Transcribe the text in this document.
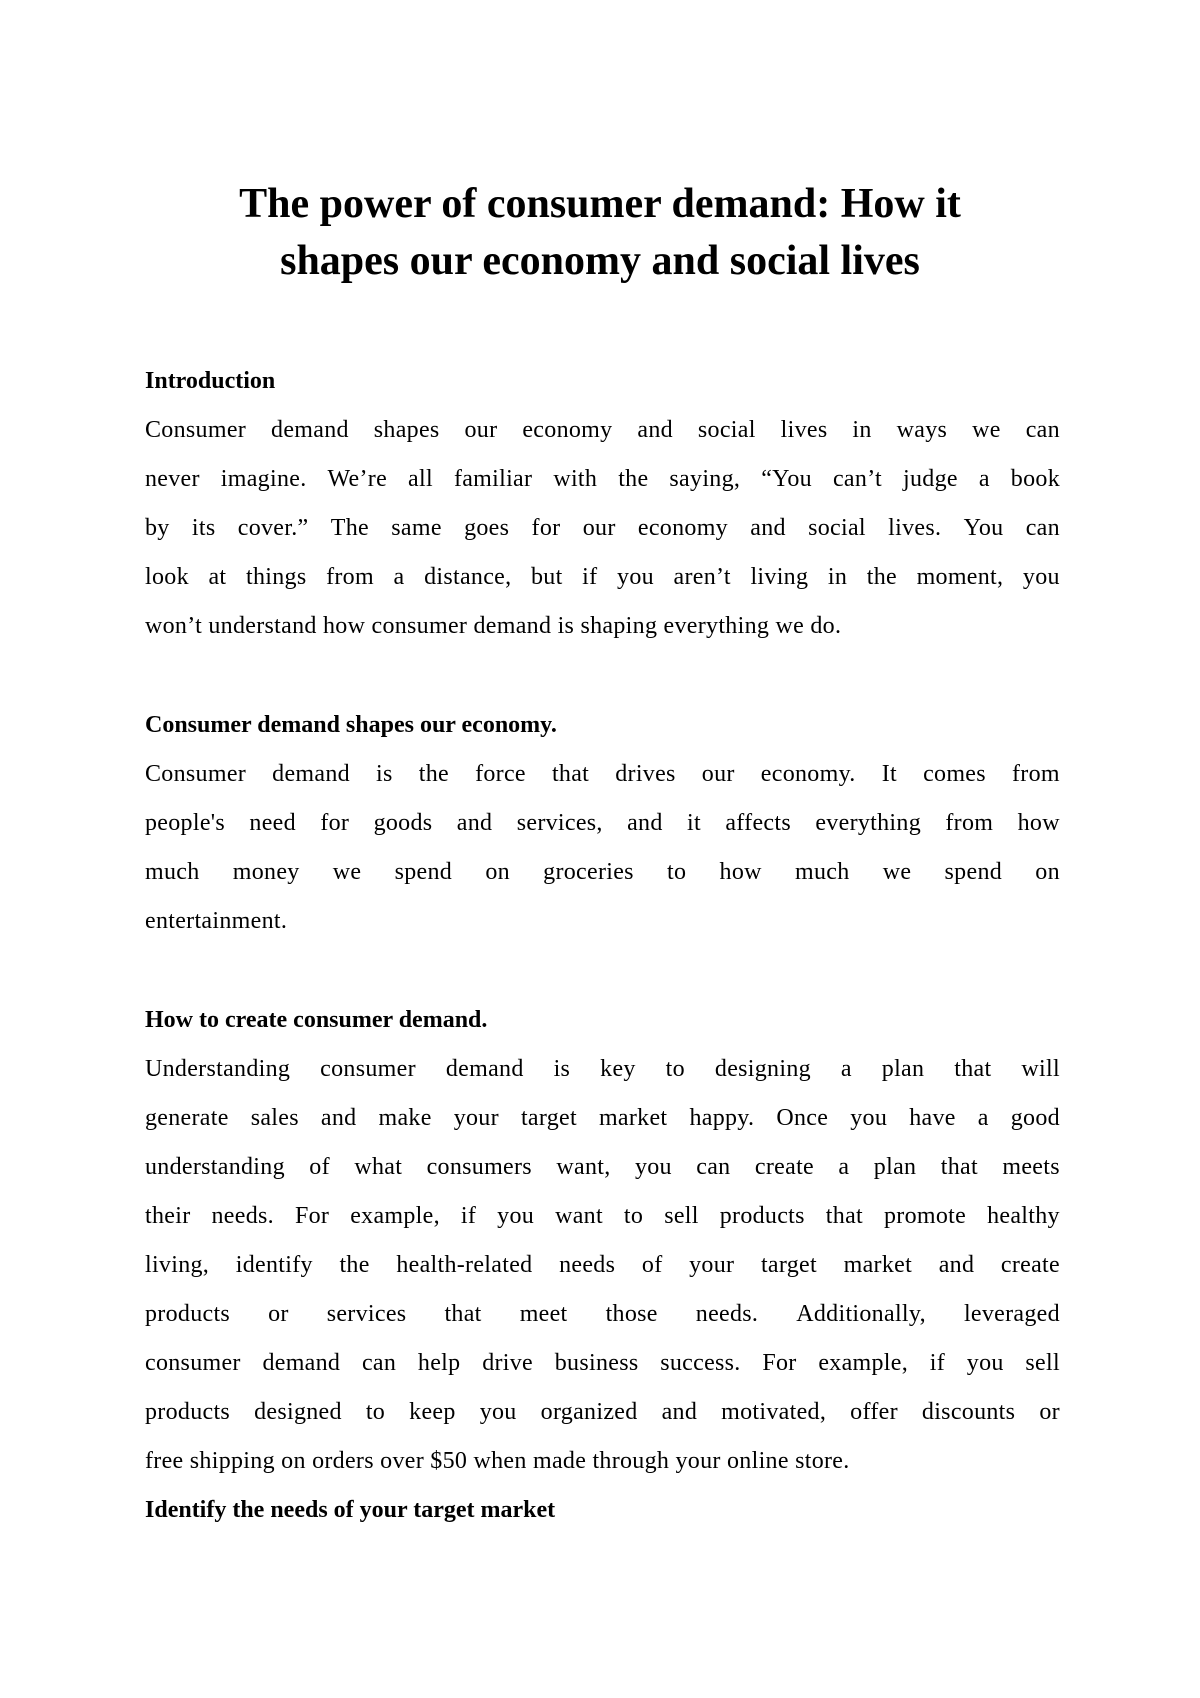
The power of consumer demand: How it
shapes our economy and social lives
Introduction
Consumer demand shapes our economy and social lives in ways we can
never imagine. We’re all familiar with the saying, “You can’t judge a book
by its cover.” The same goes for our economy and social lives. You can
look at things from a distance, but if you aren’t living in the moment, you
won’t understand how consumer demand is shaping everything we do.
Consumer demand shapes our economy.
Consumer demand is the force that drives our economy. It comes from
people's need for goods and services, and it affects everything from how
much money we spend on groceries to how much we spend on
entertainment.
How to create consumer demand.
Understanding consumer demand is key to designing a plan that will
generate sales and make your target market happy. Once you have a good
understanding of what consumers want, you can create a plan that meets
their needs. For example, if you want to sell products that promote healthy
living, identify the health-related needs of your target market and create
products or services that meet those needs. Additionally, leveraged
consumer demand can help drive business success. For example, if you sell
products designed to keep you organized and motivated, offer discounts or
free shipping on orders over $50 when made through your online store.
Identify the needs of your target market
